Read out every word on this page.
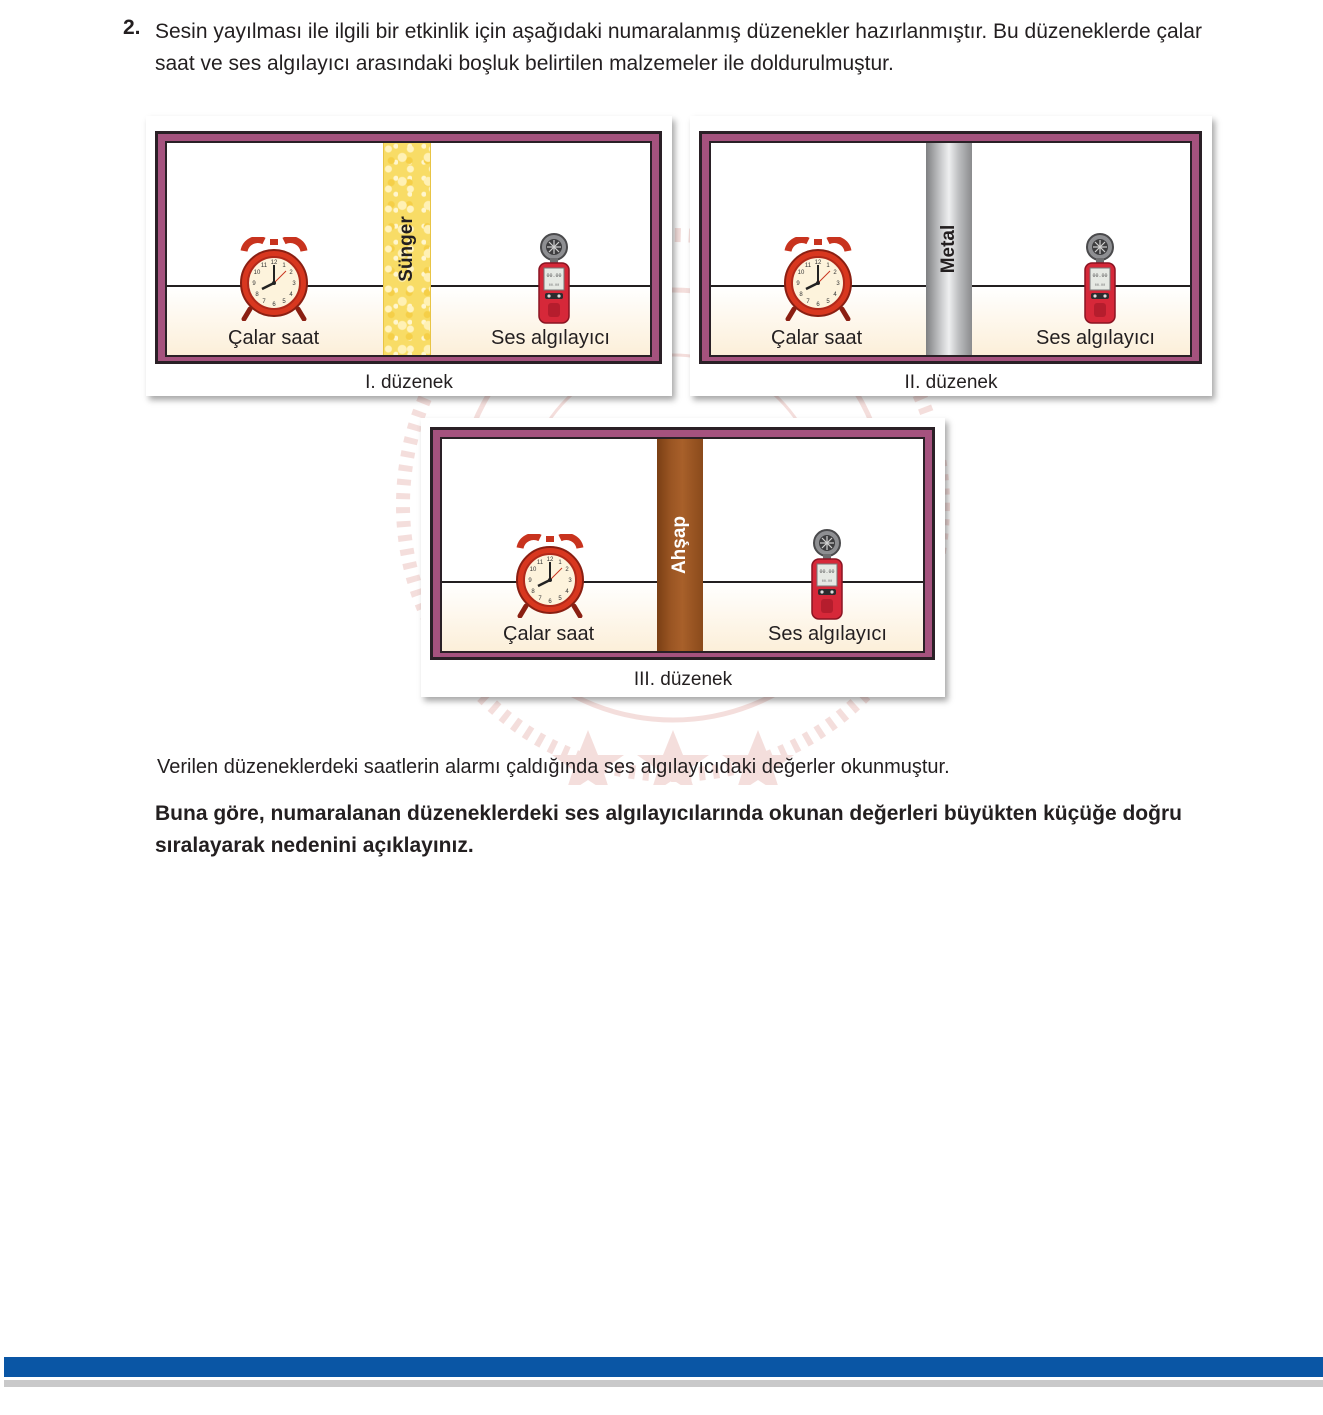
2. Sesin yayılması ile ilgili bir etkinlik için aşağıdaki numaralanmış düzenekler hazırlanmıştır. Bu düzeneklerde çalar saat ve ses algılayıcı arasındaki boşluk belirtilen malzemeler ile doldurulmuştur.
Sünger
Çalar saat	Ses algılayıcı
I. düzenek
Metal
Çalar saat	Ses algılayıcı
II. düzenek
Ahşap
Çalar saat	Ses algılayıcı
III. düzenek
Verilen düzeneklerdeki saatlerin alarmı çaldığında ses algılayıcıdaki değerler okunmuştur.
Buna göre, numaralanan düzeneklerdeki ses algılayıcılarında okunan değerleri büyükten küçüğe doğru sıralayarak nedenini açıklayınız.
